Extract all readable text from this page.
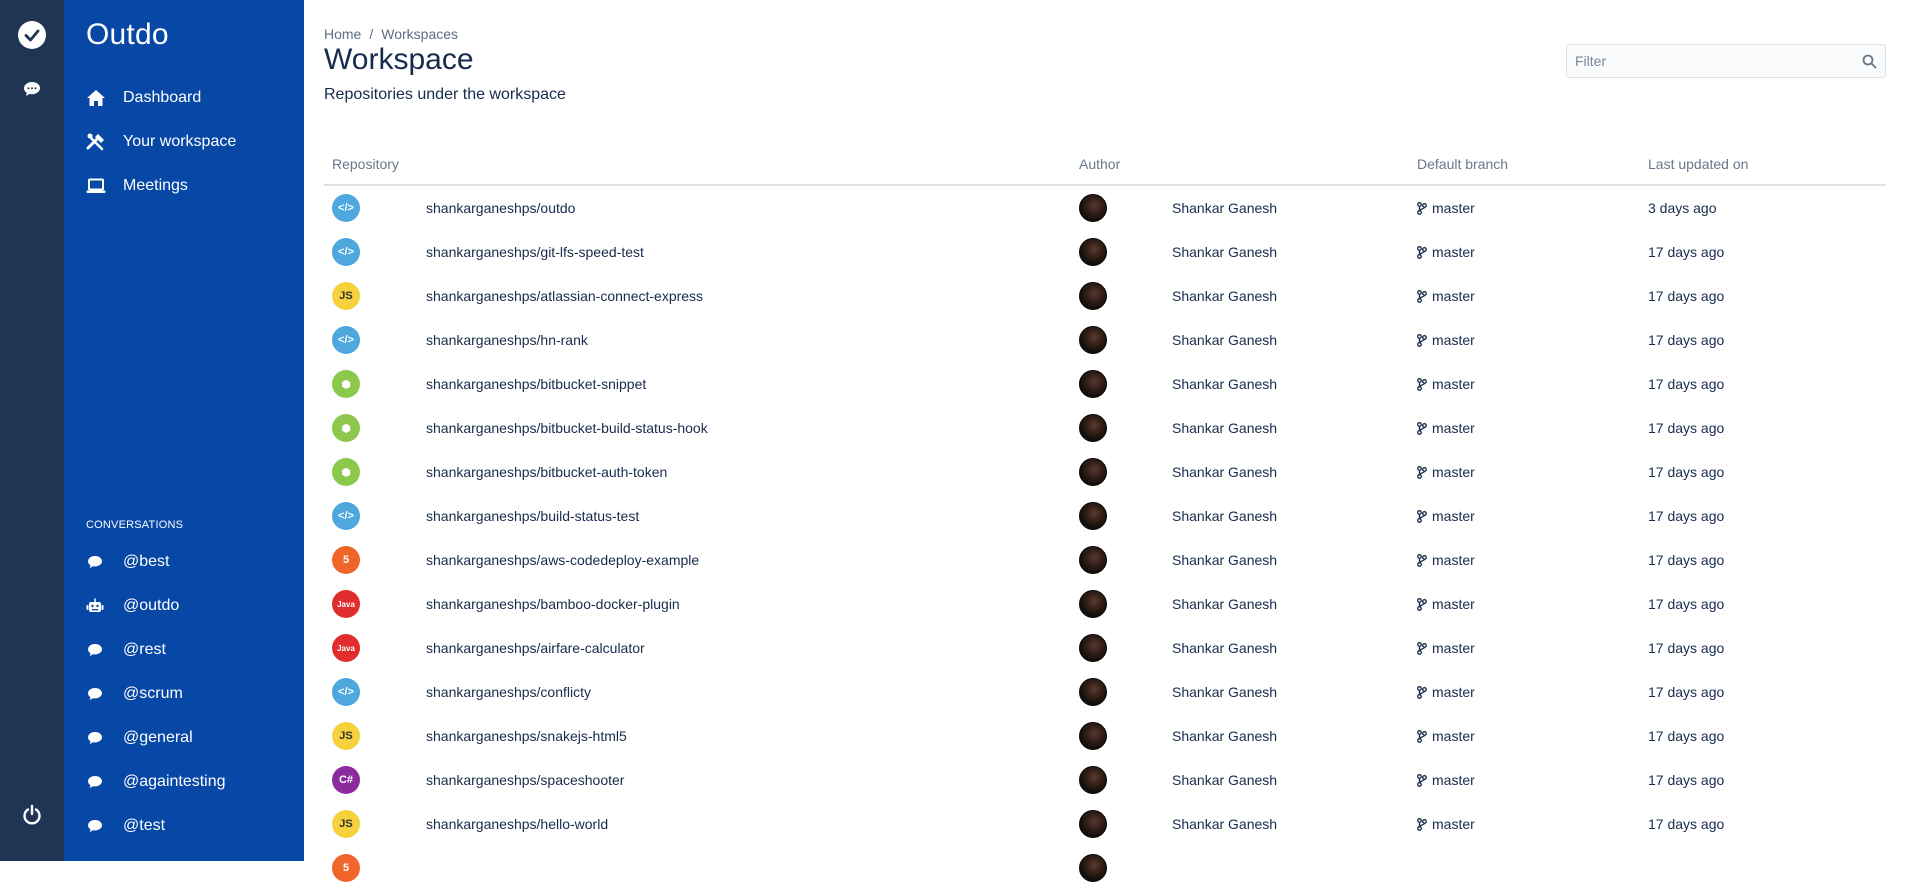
Outdo
Dashboard
Your workspace
Meetings
CONVERSATIONS
@best
@outdo
@rest
@scrum
@general
@againtesting
@test
Home / Workspaces
Workspace
Repositories under the workspace
Filter
Repository	Author	Default branch	Last updated on
</>	shankarganeshps/outdo	Shankar Ganesh	master	3 days ago
</>	shankarganeshps/git-lfs-speed-test	Shankar Ganesh	master	17 days ago
JS	shankarganeshps/atlassian-connect-express	Shankar Ganesh	master	17 days ago
</>	shankarganeshps/hn-rank	Shankar Ganesh	master	17 days ago
⬢	shankarganeshps/bitbucket-snippet	Shankar Ganesh	master	17 days ago
⬢	shankarganeshps/bitbucket-build-status-hook	Shankar Ganesh	master	17 days ago
⬢	shankarganeshps/bitbucket-auth-token	Shankar Ganesh	master	17 days ago
</>	shankarganeshps/build-status-test	Shankar Ganesh	master	17 days ago
5	shankarganeshps/aws-codedeploy-example	Shankar Ganesh	master	17 days ago
Java	shankarganeshps/bamboo-docker-plugin	Shankar Ganesh	master	17 days ago
Java	shankarganeshps/airfare-calculator	Shankar Ganesh	master	17 days ago
</>	shankarganeshps/conflicty	Shankar Ganesh	master	17 days ago
JS	shankarganeshps/snakejs-html5	Shankar Ganesh	master	17 days ago
C#	shankarganeshps/spaceshooter	Shankar Ganesh	master	17 days ago
JS	shankarganeshps/hello-world	Shankar Ganesh	master	17 days ago
5
